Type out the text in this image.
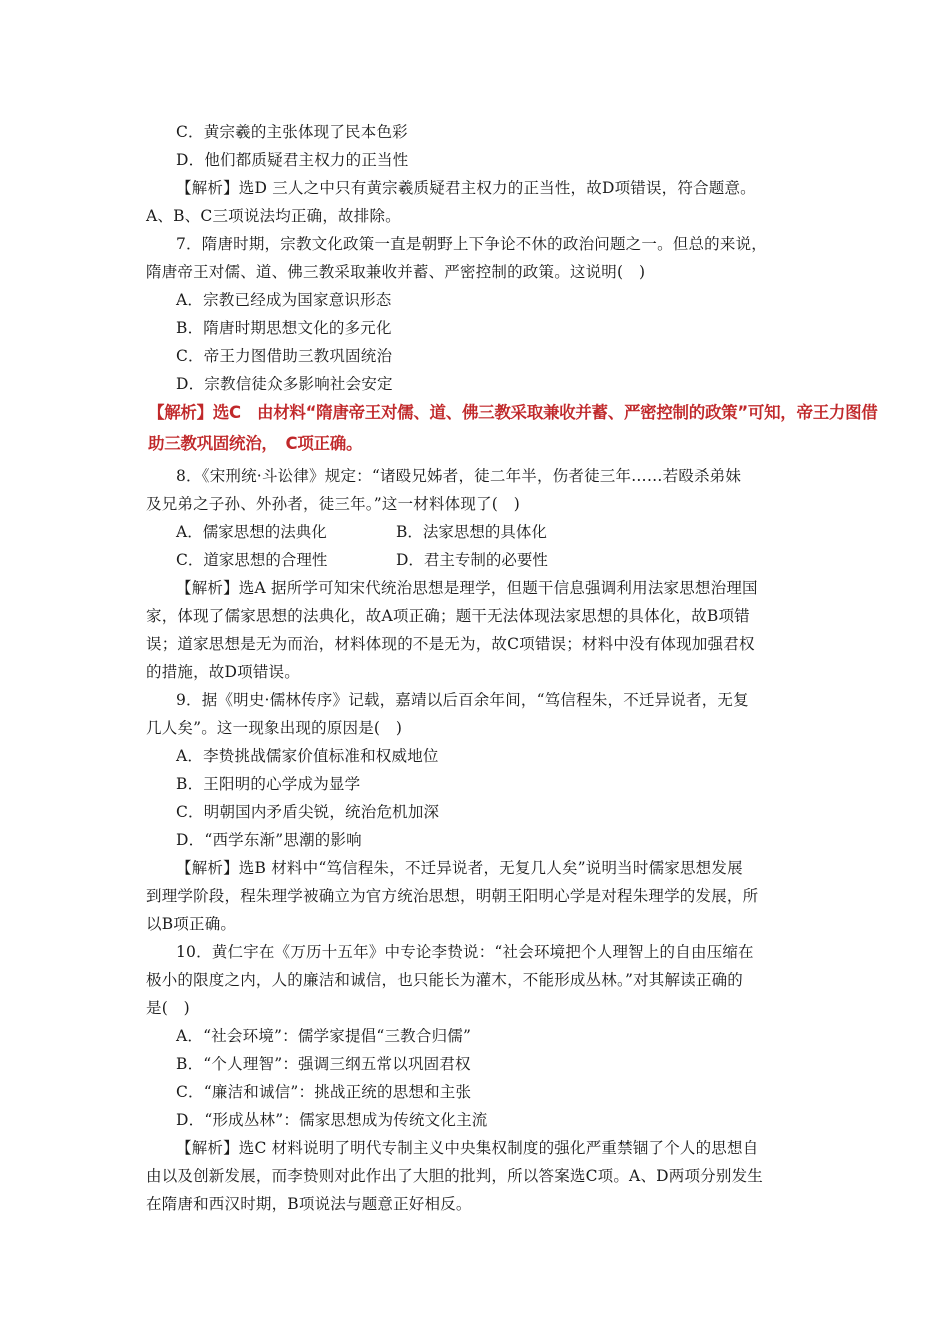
C．黄宗羲的主张体现了民本色彩
D．他们都质疑君主权力的正当性
【解析】选D 三人之中只有黄宗羲质疑君主权力的正当性，故D项错误，符合题意。
A、B、C三项说法均正确，故排除。
7．隋唐时期，宗教文化政策一直是朝野上下争论不休的政治问题之一。但总的来说，
隋唐帝王对儒、道、佛三教采取兼收并蓄、严密控制的政策。这说明(　)
A．宗教已经成为国家意识形态
B．隋唐时期思想文化的多元化
C．帝王力图借助三教巩固统治
D．宗教信徒众多影响社会安定
【解析】选C　由材料“隋唐帝王对儒、道、佛三教采取兼收并蓄、严密控制的政策”可知，帝王力图借
助三教巩固统治，　C项正确。
8．《宋刑统·斗讼律》规定：“诸殴兄姊者，徒二年半，伤者徒三年……若殴杀弟妹
及兄弟之子孙、外孙者，徒三年。”这一材料体现了(　)
A．儒家思想的法典化	B．法家思想的具体化
C．道家思想的合理性	D．君主专制的必要性
【解析】选A 据所学可知宋代统治思想是理学，但题干信息强调利用法家思想治理国
家，体现了儒家思想的法典化，故A项正确；题干无法体现法家思想的具体化，故B项错
误；道家思想是无为而治，材料体现的不是无为，故C项错误；材料中没有体现加强君权
的措施，故D项错误。
9．据《明史·儒林传序》记载，嘉靖以后百余年间，“笃信程朱，不迁异说者，无复
几人矣”。这一现象出现的原因是(　)
A．李贽挑战儒家价值标准和权威地位
B．王阳明的心学成为显学
C．明朝国内矛盾尖锐，统治危机加深
D．“西学东渐”思潮的影响
【解析】选B 材料中“笃信程朱，不迁异说者，无复几人矣”说明当时儒家思想发展
到理学阶段，程朱理学被确立为官方统治思想，明朝王阳明心学是对程朱理学的发展，所
以B项正确。
10．黄仁宇在《万历十五年》中专论李贽说：“社会环境把个人理智上的自由压缩在
极小的限度之内，人的廉洁和诚信，也只能长为灌木，不能形成丛林。”对其解读正确的
是(　)
A．“社会环境”：儒学家提倡“三教合归儒”
B．“个人理智”：强调三纲五常以巩固君权
C．“廉洁和诚信”：挑战正统的思想和主张
D．“形成丛林”：儒家思想成为传统文化主流
【解析】选C 材料说明了明代专制主义中央集权制度的强化严重禁锢了个人的思想自
由以及创新发展，而李贽则对此作出了大胆的批判，所以答案选C项。A、D两项分别发生
在隋唐和西汉时期，B项说法与题意正好相反。
